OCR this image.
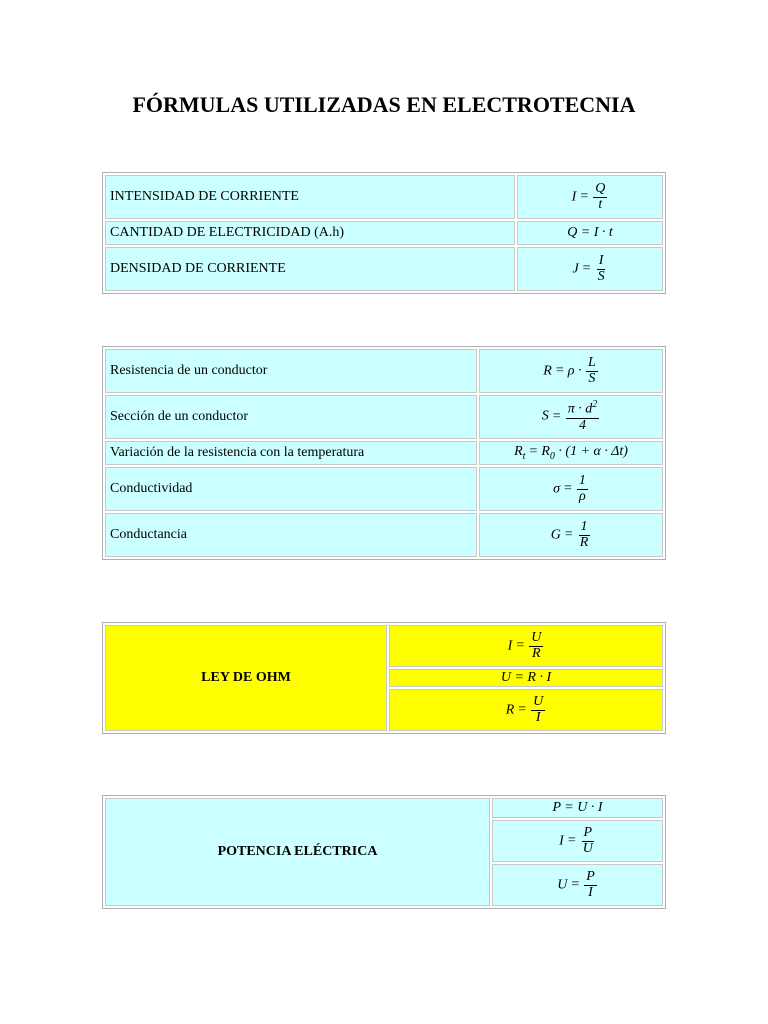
FÓRMULAS UTILIZADAS EN ELECTROTECNIA
INTENSIDAD DE CORRIENTE	$I = \frac{Q}{t}$

CANTIDAD DE ELECTRICIDAD (A.h)	Q = I · t
DENSIDAD DE CORRIENTE	$J = \frac{I}{S}$
Resistencia de un conductor	$R = \rho \cdot \frac{L}{S}$

Sección de un conductor	$S = \frac{\pi \cdot d^2}{4}$

Variación de la resistencia con la temperatura	$R_t = R_0 \cdot (1 + \alpha \cdot \Delta t)$
Conductividad	$\sigma = \frac{1}{\rho}$

Conductancia	$G = \frac{1}{R}$
LEY DE OHM	$I = \frac{U}{R}$

U = R · I
$R = \frac{U}{I}$
POTENCIA ELÉCTRICA	P = U · I
$I = \frac{P}{U}$

$U = \frac{P}{I}$
